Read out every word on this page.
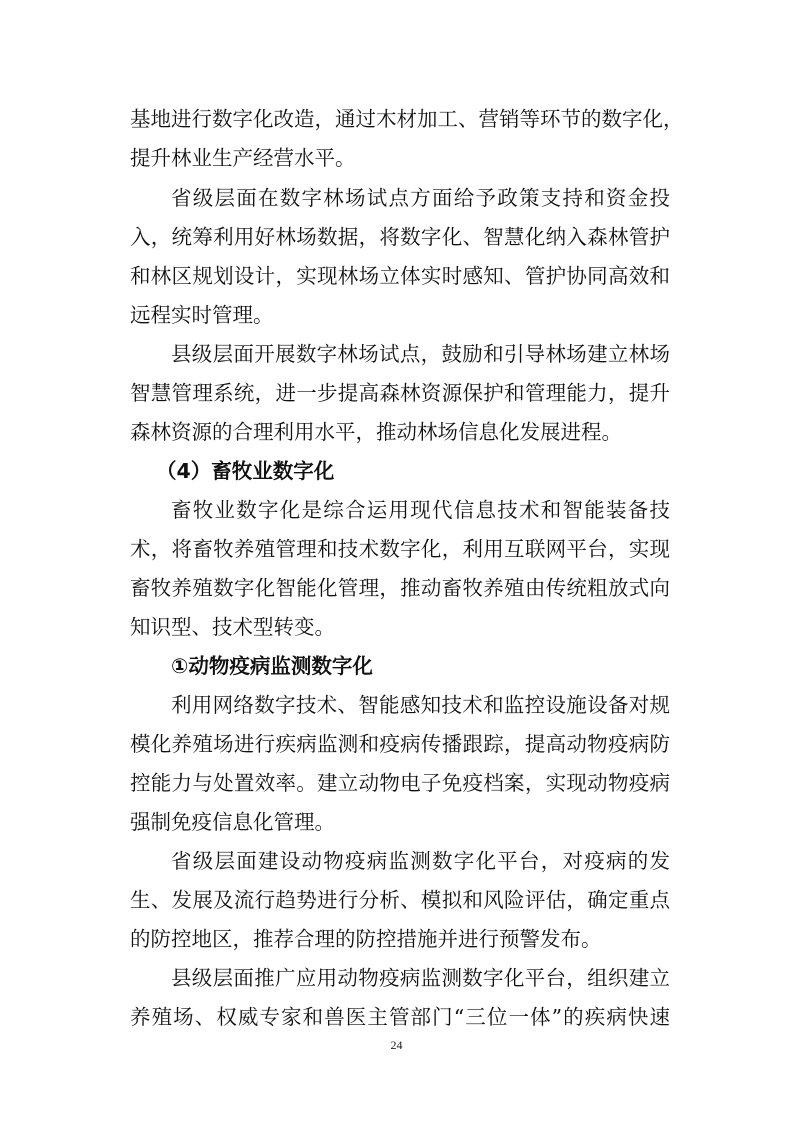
基地进行数字化改造，通过木材加工、营销等环节的数字化，
提升林业生产经营水平。
省级层面在数字林场试点方面给予政策支持和资金投
入，统筹利用好林场数据，将数字化、智慧化纳入森林管护
和林区规划设计，实现林场立体实时感知、管护协同高效和
远程实时管理。
县级层面开展数字林场试点，鼓励和引导林场建立林场
智慧管理系统，进一步提高森林资源保护和管理能力，提升
森林资源的合理利用水平，推动林场信息化发展进程。
（4）畜牧业数字化
畜牧业数字化是综合运用现代信息技术和智能装备技
术，将畜牧养殖管理和技术数字化，利用互联网平台，实现
畜牧养殖数字化智能化管理，推动畜牧养殖由传统粗放式向
知识型、技术型转变。
①动物疫病监测数字化
利用网络数字技术、智能感知技术和监控设施设备对规
模化养殖场进行疾病监测和疫病传播跟踪，提高动物疫病防
控能力与处置效率。建立动物电子免疫档案，实现动物疫病
强制免疫信息化管理。
省级层面建设动物疫病监测数字化平台，对疫病的发
生、发展及流行趋势进行分析、模拟和风险评估，确定重点
的防控地区，推荐合理的防控措施并进行预警发布。
县级层面推广应用动物疫病监测数字化平台，组织建立
养殖场、权威专家和兽医主管部门“三位一体”的疾病快速
24
